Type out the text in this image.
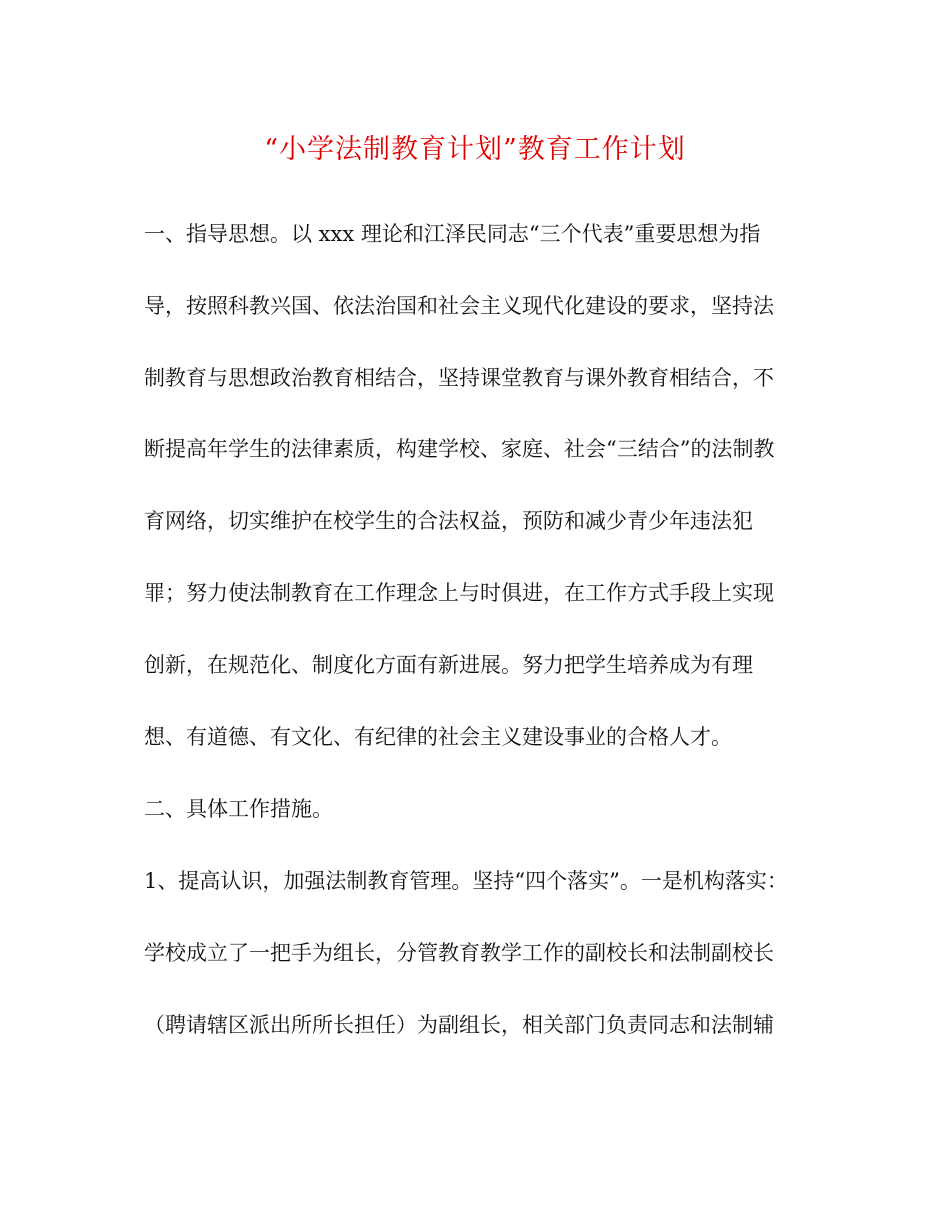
“小学法制教育计划”教育工作计划
一、指导思想。以 xxx 理论和江泽民同志“三个代表”重要思想为指
导，按照科教兴国、依法治国和社会主义现代化建设的要求，坚持法
制教育与思想政治教育相结合，坚持课堂教育与课外教育相结合，不
断提高年学生的法律素质，构建学校、家庭、社会“三结合”的法制教
育网络，切实维护在校学生的合法权益，预防和减少青少年违法犯
罪；努力使法制教育在工作理念上与时俱进，在工作方式手段上实现
创新，在规范化、制度化方面有新进展。努力把学生培养成为有理
想、有道德、有文化、有纪律的社会主义建设事业的合格人才。
二、具体工作措施。
1、提高认识，加强法制教育管理。坚持“四个落实”。一是机构落实：
学校成立了一把手为组长，分管教育教学工作的副校长和法制副校长
（聘请辖区派出所所长担任）为副组长，相关部门负责同志和法制辅
